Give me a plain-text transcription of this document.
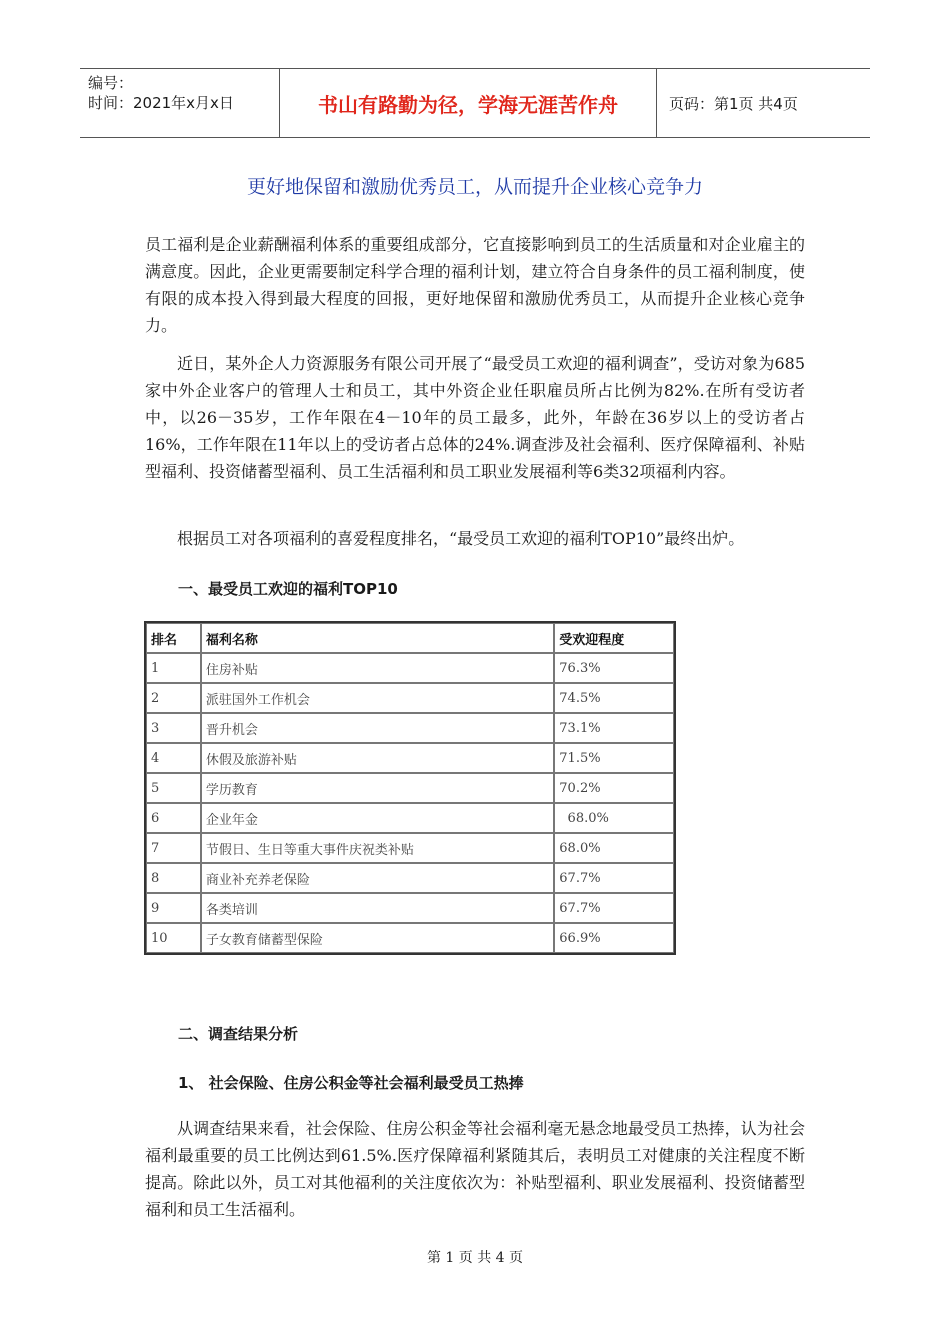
编号：
时间：2021年x月x日	书山有路勤为径，学海无涯苦作舟	页码：第1页 共4页
更好地保留和激励优秀员工，从而提升企业核心竞争力

员工福利是企业薪酬福利体系的重要组成部分，它直接影响到员工的生活质量和对企业雇主的满意度。因此，企业更需要制定科学合理的福利计划，建立符合自身条件的员工福利制度，使有限的成本投入得到最大程度的回报，更好地保留和激励优秀员工，从而提升企业核心竞争力。

近日，某外企人力资源服务有限公司开展了“最受员工欢迎的福利调查”，受访对象为685家中外企业客户的管理人士和员工，其中外资企业任职雇员所占比例为82%.在所有受访者中，以26－35岁，工作年限在4－10年的员工最多，此外，年龄在36岁以上的受访者占16%，工作年限在11年以上的受访者占总体的24%.调查涉及社会福利、医疗保障福利、补贴型福利、投资储蓄型福利、员工生活福利和员工职业发展福利等6类32项福利内容。

根据员工对各项福利的喜爱程度排名，“最受员工欢迎的福利TOP10”最终出炉。

一、最受员工欢迎的福利TOP10

排名	福利名称	受欢迎程度
1	住房补贴	76.3%
2	派驻国外工作机会	74.5%
3	晋升机会	73.1%
4	休假及旅游补贴	71.5%
5	学历教育	70.2%
6	企业年金	68.0%
7	节假日、生日等重大事件庆祝类补贴	68.0%
8	商业补充养老保险	67.7%
9	各类培训	67.7%
10	子女教育储蓄型保险	66.9%

二、调查结果分析

1、 社会保险、住房公积金等社会福利最受员工热捧

从调查结果来看，社会保险、住房公积金等社会福利毫无悬念地最受员工热捧，认为社会福利最重要的员工比例达到61.5%.医疗保障福利紧随其后，表明员工对健康的关注程度不断提高。除此以外，员工对其他福利的关注度依次为：补贴型福利、职业发展福利、投资储蓄型福利和员工生活福利。

第 1 页 共 4 页
